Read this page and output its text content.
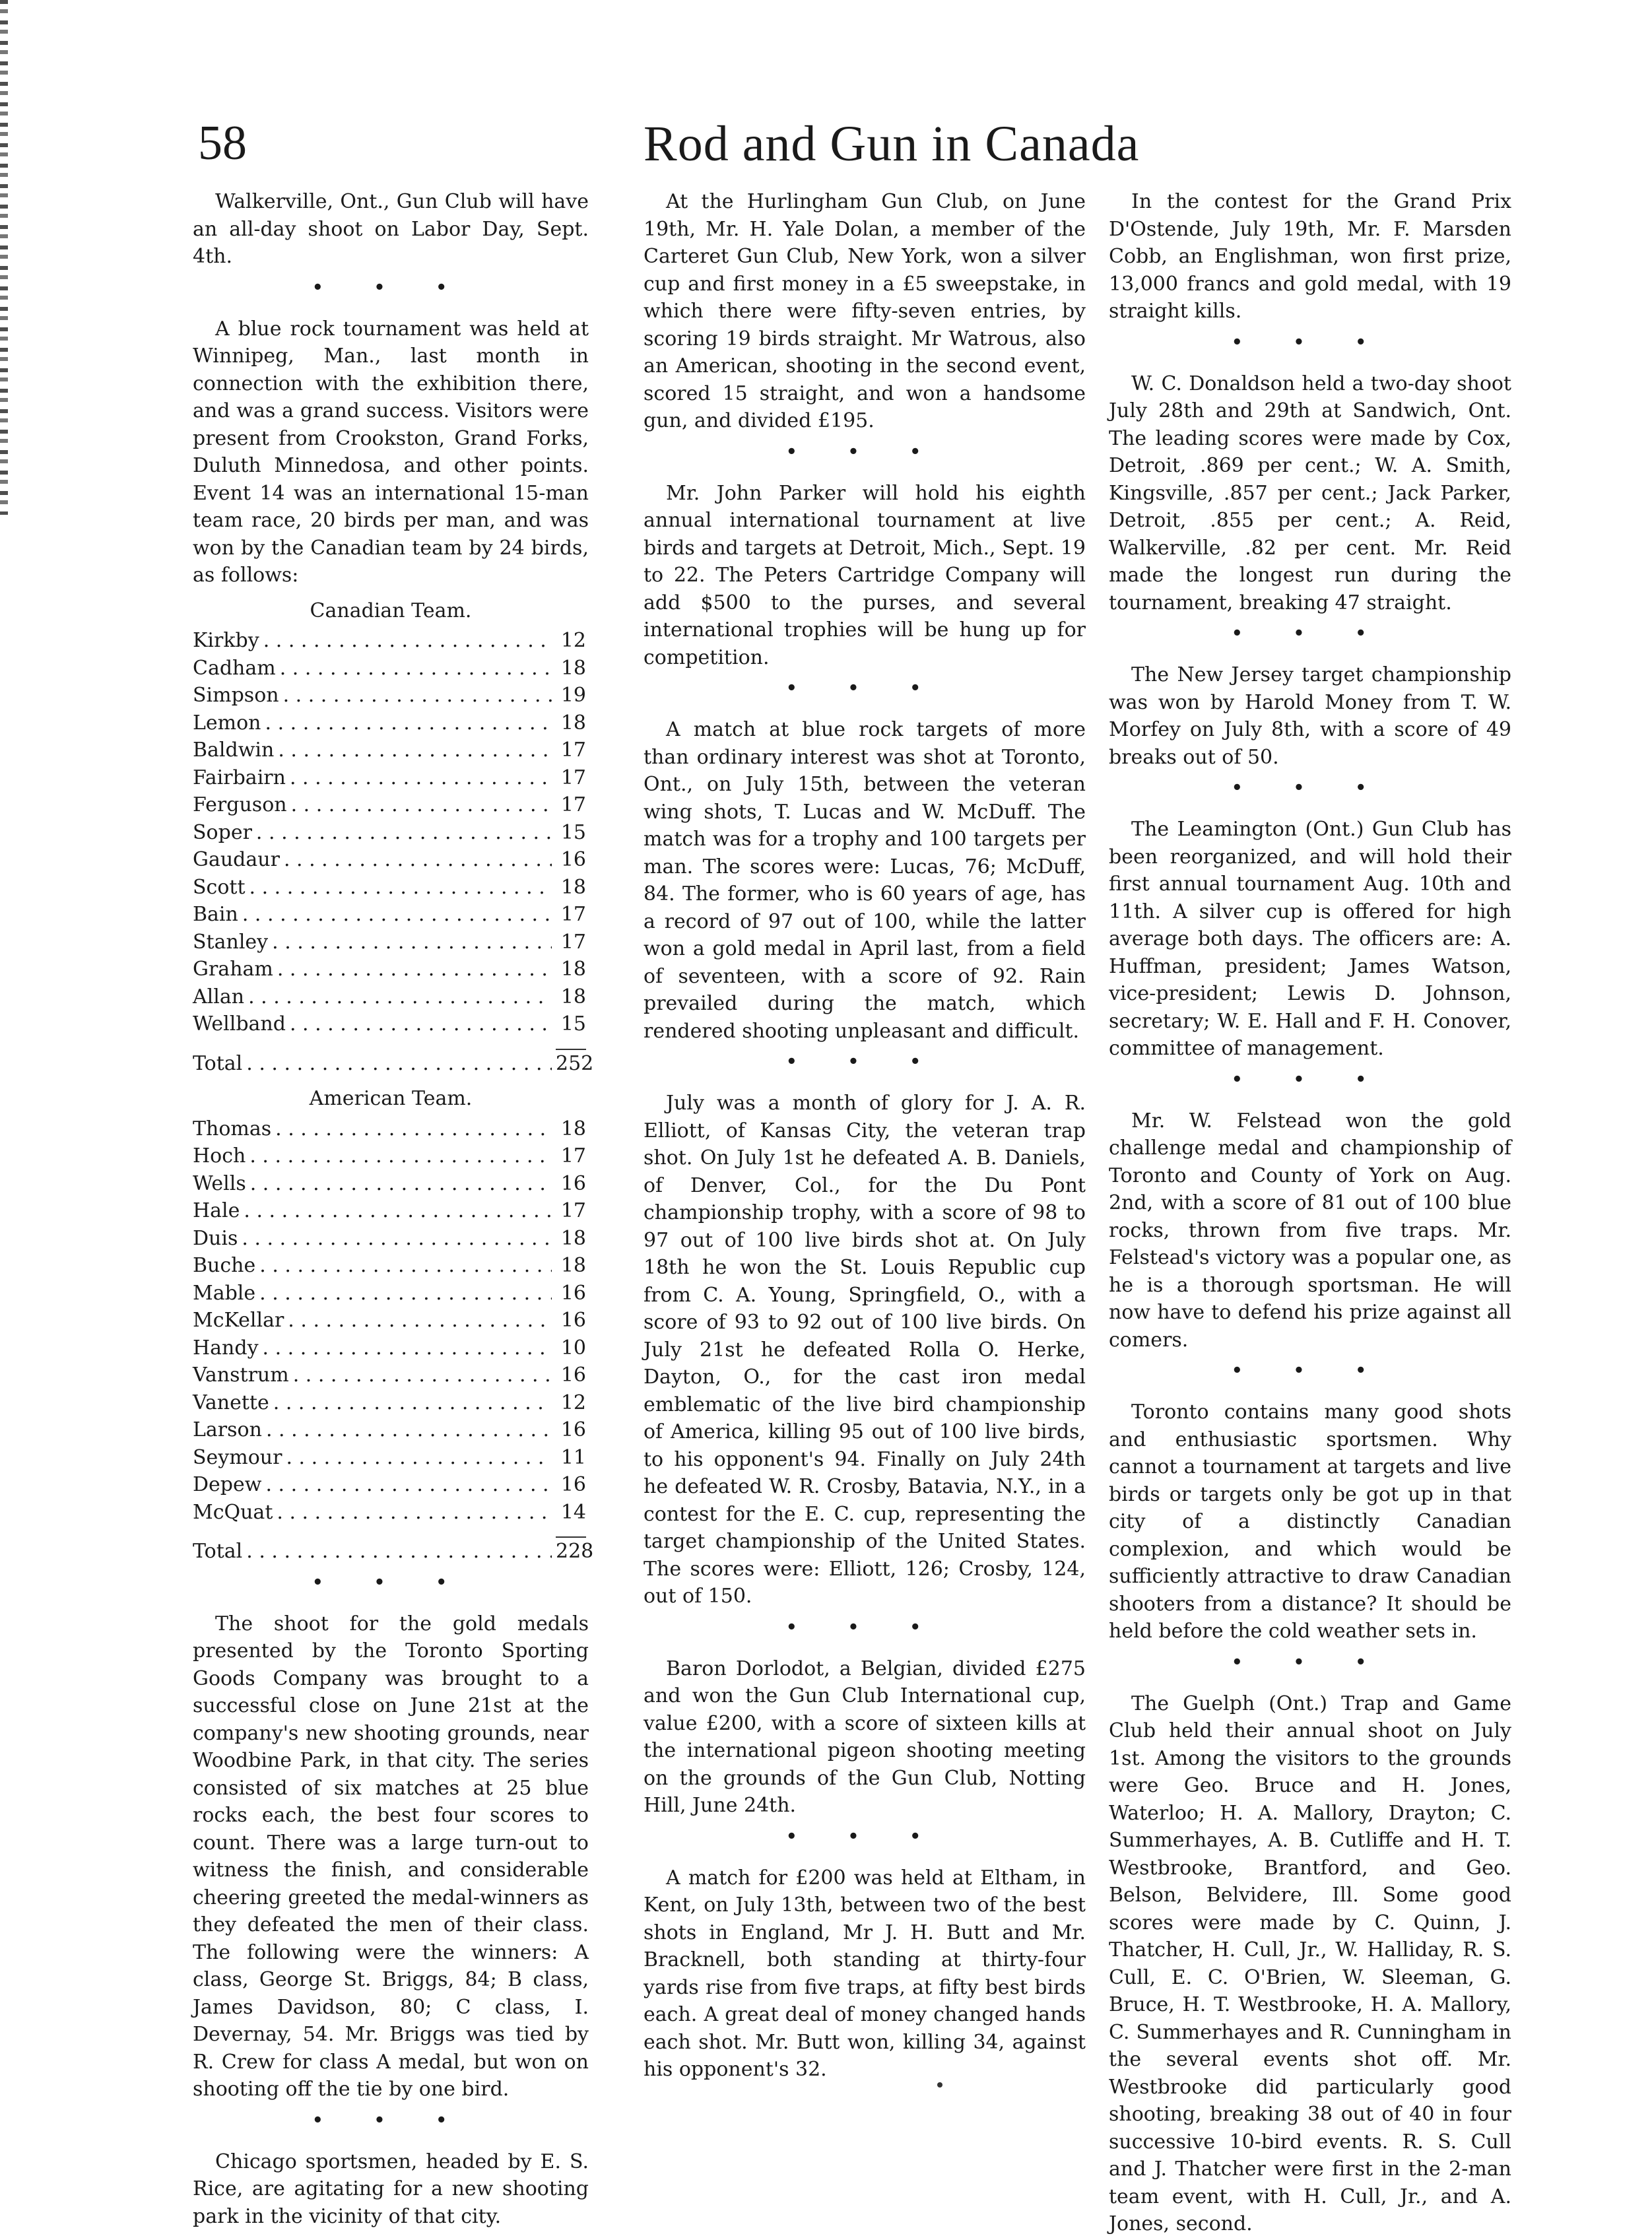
58	Rod and Gun in Canada

Walkerville, Ont., Gun Club will have an all-day shoot on Labor Day, Sept. 4th.

• • •

A blue rock tournament was held at Winnipeg, Man., last month in connection with the exhibition there, and was a grand success. Visitors were present from Crookston, Grand Forks, Duluth Minnedosa, and other points. Event 14 was an international 15-man team race, 20 birds per man, and was won by the Canadian team by 24 birds, as follows:

Canadian Team.
Kirkby . . .	12
Cadham . . .	18
Simpson . . .	19
Lemon . . .	18
Baldwin . . .	17
Fairbairn . . .	17
Ferguson . . .	17
Soper . . .	15
Gaudaur . . .	16
Scott . . .	18
Bain . . .	17
Stanley . . .	17
Graham . . .	18
Allan . . .	18
Wellband . . .	15
Total . . .	252
American Team.
Thomas . . .	18
Hoch . . .	17
Wells . . .	16
Hale . . .	17
Duis . . .	18
Buche . . .	18
Mable . . .	16
McKellar . . .	16
Handy . . .	10
Vanstrum . . .	16
Vanette . . .	12
Larson . . .	16
Seymour . . .	11
Depew . . .	16
McQuat . . .	14
Total . . .	228
• • •

The shoot for the gold medals presented by the Toronto Sporting Goods Company was brought to a successful close on June 21st at the company's new shooting grounds, near Woodbine Park, in that city. The series consisted of six matches at 25 blue rocks each, the best four scores to count. There was a large turn-out to witness the finish, and considerable cheering greeted the medal-winners as they defeated the men of their class. The following were the winners: A class, George St. Briggs, 84; B class, James Davidson, 80; C class, I. Devernay, 54. Mr. Briggs was tied by R. Crew for class A medal, but won on shooting off the tie by one bird.

• • •

Chicago sportsmen, headed by E. S. Rice, are agitating for a new shooting park in the vicinity of that city.

At the Hurlingham Gun Club, on June 19th, Mr. H. Yale Dolan, a member of the Carteret Gun Club, New York, won a silver cup and first money in a £5 sweepstake, in which there were fifty-seven entries, by scoring 19 birds straight. Mr Watrous, also an American, shooting in the second event, scored 15 straight, and won a handsome gun, and divided £195.

• • •

Mr. John Parker will hold his eighth annual international tournament at live birds and targets at Detroit, Mich., Sept. 19 to 22. The Peters Cartridge Company will add $500 to the purses, and several international trophies will be hung up for competition.

• • •

A match at blue rock targets of more than ordinary interest was shot at Toronto, Ont., on July 15th, between the veteran wing shots, T. Lucas and W. McDuff. The match was for a trophy and 100 targets per man. The scores were: Lucas, 76; McDuff, 84. The former, who is 60 years of age, has a record of 97 out of 100, while the latter won a gold medal in April last, from a field of seventeen, with a score of 92. Rain prevailed during the match, which rendered shooting unpleasant and difficult.

• • •

July was a month of glory for J. A. R. Elliott, of Kansas City, the veteran trap shot. On July 1st he defeated A. B. Daniels, of Denver, Col., for the Du Pont championship trophy, with a score of 98 to 97 out of 100 live birds shot at. On July 18th he won the St. Louis Republic cup from C. A. Young, Springfield, O., with a score of 93 to 92 out of 100 live birds. On July 21st he defeated Rolla O. Herke, Dayton, O., for the cast iron medal emblematic of the live bird championship of America, killing 95 out of 100 live birds, to his opponent's 94. Finally on July 24th he defeated W. R. Crosby, Batavia, N.Y., in a contest for the E. C. cup, representing the target championship of the United States. The scores were: Elliott, 126; Crosby, 124, out of 150.

• • •

Baron Dorlodot, a Belgian, divided £275 and won the Gun Club International cup, value £200, with a score of sixteen kills at the international pigeon shooting meeting on the grounds of the Gun Club, Notting Hill, June 24th.

• • •

A match for £200 was held at Eltham, in Kent, on July 13th, between two of the best shots in England, Mr J. H. Butt and Mr. Bracknell, both standing at thirty-four yards rise from five traps, at fifty best birds each. A great deal of money changed hands each shot. Mr. Butt won, killing 34, against his opponent's 32.

In the contest for the Grand Prix D'Ostende, July 19th, Mr. F. Marsden Cobb, an Englishman, won first prize, 13,000 francs and gold medal, with 19 straight kills.

• • •

W. C. Donaldson held a two-day shoot July 28th and 29th at Sandwich, Ont. The leading scores were made by Cox, Detroit, .869 per cent.; W. A. Smith, Kingsville, .857 per cent.; Jack Parker, Detroit, .855 per cent.; A. Reid, Walkerville, .82 per cent. Mr. Reid made the longest run during the tournament, breaking 47 straight.

• • •

The New Jersey target championship was won by Harold Money from T. W. Morfey on July 8th, with a score of 49 breaks out of 50.

• • •

The Leamington (Ont.) Gun Club has been reorganized, and will hold their first annual tournament Aug. 10th and 11th. A silver cup is offered for high average both days. The officers are: A. Huffman, president; James Watson, vice-president; Lewis D. Johnson, secretary; W. E. Hall and F. H. Conover, committee of management.

• • •

Mr. W. Felstead won the gold challenge medal and championship of Toronto and County of York on Aug. 2nd, with a score of 81 out of 100 blue rocks, thrown from five traps. Mr. Felstead's victory was a popular one, as he is a thorough sportsman. He will now have to defend his prize against all comers.

• • •

Toronto contains many good shots and enthusiastic sportsmen. Why cannot a tournament at targets and live birds or targets only be got up in that city of a distinctly Canadian complexion, and which would be sufficiently attractive to draw Canadian shooters from a distance? It should be held before the cold weather sets in.

• • •

The Guelph (Ont.) Trap and Game Club held their annual shoot on July 1st. Among the visitors to the grounds were Geo. Bruce and H. Jones, Waterloo; H. A. Mallory, Drayton; C. Summerhayes, A. B. Cutliffe and H. T. Westbrooke, Brantford, and Geo. Belson, Belvidere, Ill. Some good scores were made by C. Quinn, J. Thatcher, H. Cull, Jr., W. Halliday, R. S. Cull, E. C. O'Brien, W. Sleeman, G. Bruce, H. T. Westbrooke, H. A. Mallory, C. Summerhayes and R. Cunningham in the several events shot off. Mr. Westbrooke did particularly good shooting, breaking 38 out of 40 in four successive 10-bird events. R. S. Cull and J. Thatcher were first in the 2-man team event, with H. Cull, Jr., and A. Jones, second.
